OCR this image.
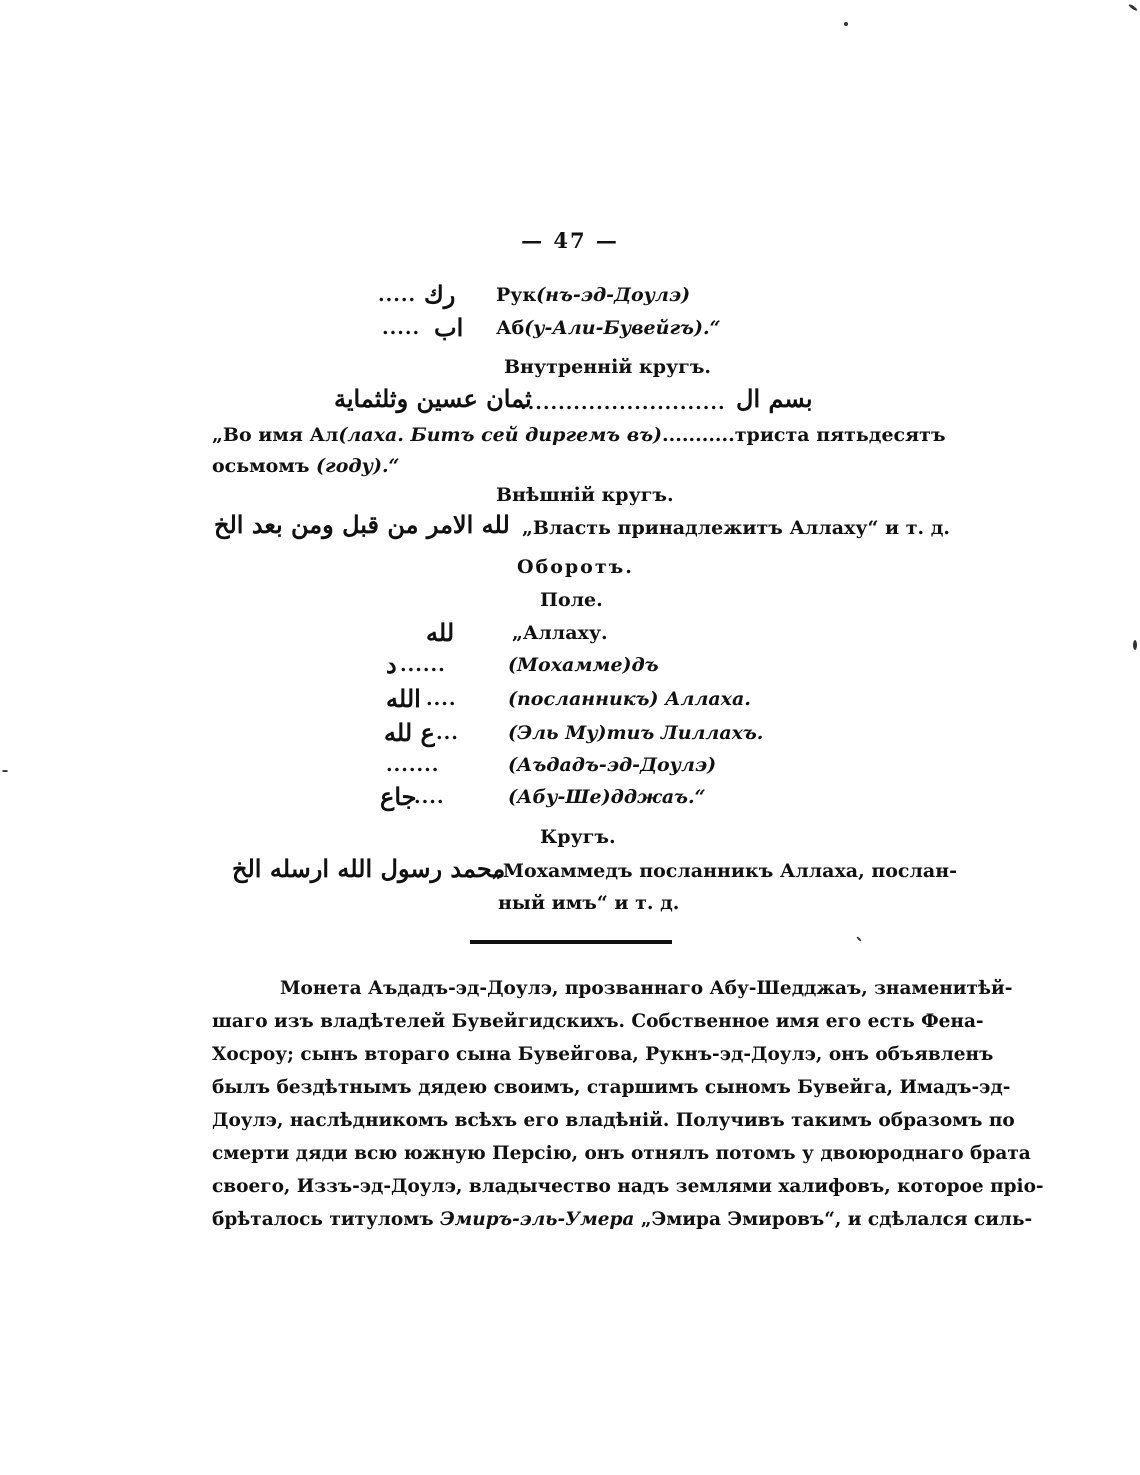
— 47 —
ر‌ك
.....	Рук(нъ-эд-Доулэ)
ا‌ب
.....	Аб(у-Али-Бувейгъ).“
Внутренній кругъ.
بسم ال
...........................
ثمان عسين وثلثماية
„Во имя Ал(лаха. Битъ сей диргемъ въ)...........триста пятьдесятъ
осьмомъ (году).“
Внѣшній кругъ.
لله الامر من قبل ومن بعد الخ „Власть принадлежитъ Аллаху“ и т. д.
Оборотъ.
Поле.
لله	„Аллаху.
د ......	(Мохамме)дъ
الله ....	(посланникъ) Аллаха.
ع لله ...	(Эль Му)тиъ Лиллахъ.
.......	(Аъдадъ-эд-Доулэ)
جاع
....	(Абу-Ше)дджаъ.“
Кругъ.
محمد رسول الله ارسله الخ
„Мохаммедъ посланникъ Аллаха, послан-
ный имъ“ и т. д.
Монета Аъдадъ-эд-Доулэ, прозваннаго Абу-Шедджаъ, знаменитѣй-
шаго изъ владѣтелей Бувейгидскихъ. Собственное имя его есть Фена-
Хосроу; сынъ втораго сына Бувейгова, Рукнъ-эд-Доулэ, онъ объявленъ
былъ бездѣтнымъ дядею своимъ, старшимъ сыномъ Бувейга, Имадъ-эд-
Доулэ, наслѣдникомъ всѣхъ его владѣній. Получивъ такимъ образомъ по
смерти дяди всю южную Персію, онъ отнялъ потомъ у двоюроднаго брата
своего, Иззъ-эд-Доулэ, владычество надъ землями халифовъ, которое прiо-
брѣталось титуломъ Эмиръ-эль-Умера „Эмира Эмировъ“, и сдѣлался силь-
